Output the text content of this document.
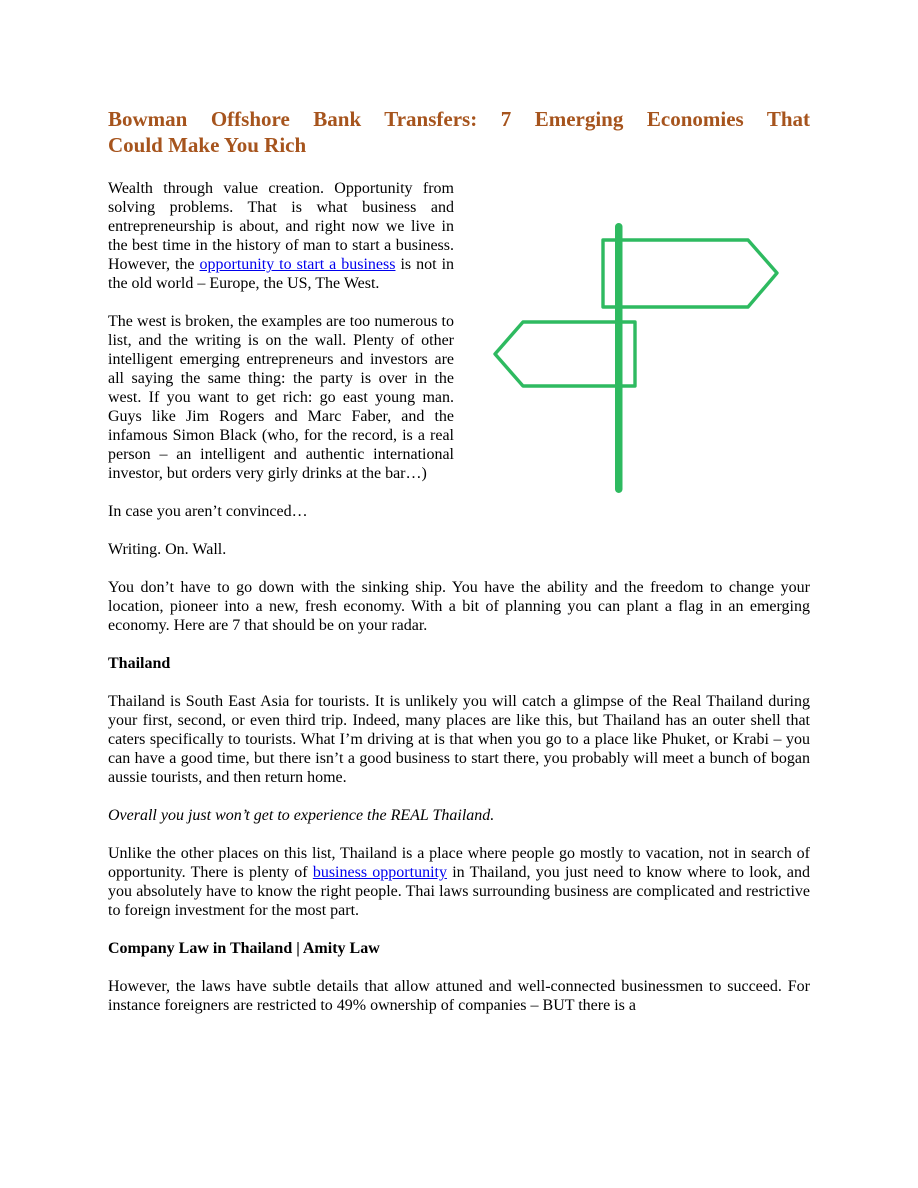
Bowman Offshore Bank Transfers: 7 Emerging Economies That
Could Make You Rich

Wealth through value creation. Opportunity from solving problems. That is what business and entrepreneurship is about, and right now we live in the best time in the history of man to start a business. However, the opportunity to start a business is not in the old world – Europe, the US, The West.

The west is broken, the examples are too numerous to list, and the writing is on the wall. Plenty of other intelligent emerging entrepreneurs and investors are all saying the same thing: the party is over in the west. If you want to get rich: go east young man. Guys like Jim Rogers and Marc Faber, and the infamous Simon Black (who, for the record, is a real person – an intelligent and authentic international investor, but orders very girly drinks at the bar…)

In case you aren’t convinced…

Writing. On. Wall.

You don’t have to go down with the sinking ship. You have the ability and the freedom to change your location, pioneer into a new, fresh economy. With a bit of planning you can plant a flag in an emerging economy. Here are 7 that should be on your radar.

Thailand

Thailand is South East Asia for tourists. It is unlikely you will catch a glimpse of the Real Thailand during your first, second, or even third trip. Indeed, many places are like this, but Thailand has an outer shell that caters specifically to tourists. What I’m driving at is that when you go to a place like Phuket, or Krabi – you can have a good time, but there isn’t a good business to start there, you probably will meet a bunch of bogan aussie tourists, and then return home.

Overall you just won’t get to experience the REAL Thailand.

Unlike the other places on this list, Thailand is a place where people go mostly to vacation, not in search of opportunity. There is plenty of business opportunity in Thailand, you just need to know where to look, and you absolutely have to know the right people. Thai laws surrounding business are complicated and restrictive to foreign investment for the most part.

Company Law in Thailand | Amity Law

However, the laws have subtle details that allow attuned and well-connected businessmen to succeed. For instance foreigners are restricted to 49% ownership of companies – BUT there is a
